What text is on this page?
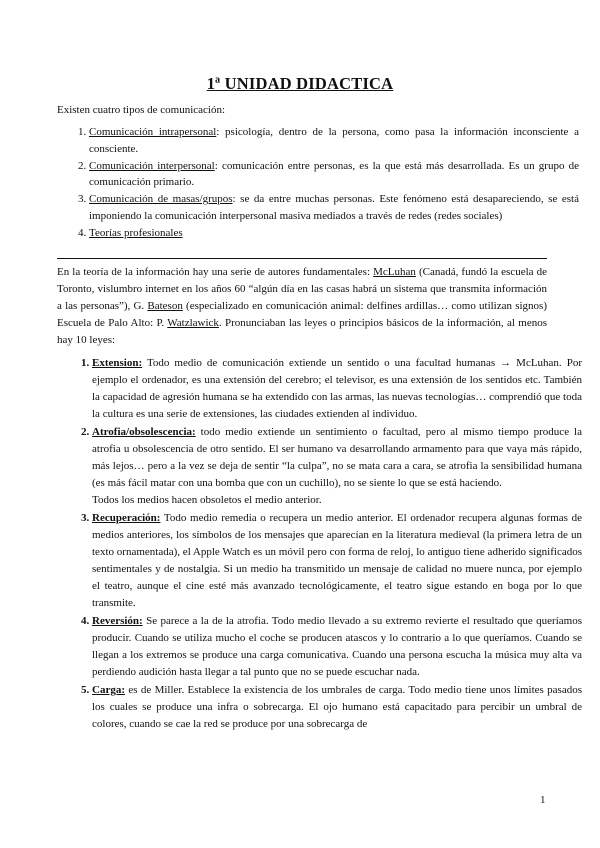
1ª UNIDAD DIDACTICA
Existen cuatro tipos de comunicación:
1. Comunicación intrapersonal: psicología, dentro de la persona, como pasa la información inconsciente a consciente.
2. Comunicación interpersonal: comunicación entre personas, es la que está más desarrollada. Es un grupo de comunicación primario.
3. Comunicación de masas/grupos: se da entre muchas personas. Este fenómeno está desapareciendo, se está imponiendo la comunicación interpersonal masiva mediados a través de redes (redes sociales)
4. Teorías profesionales
En la teoría de la información hay una serie de autores fundamentales: McLuhan (Canadá, fundó la escuela de Toronto, vislumbro internet en los años 60 “algún día en las casas habrá un sistema que transmita información a las personas”), G. Bateson (especializado en comunicación animal: delfines ardillas… como utilizan signos) Escuela de Palo Alto: P. Watzlawick. Pronunciaban las leyes o principios básicos de la información, al menos hay 10 leyes:
1. Extension: Todo medio de comunicación extiende un sentido o una facultad humanas → McLuhan. Por ejemplo el ordenador, es una extensión del cerebro; el televisor, es una extensión de los sentidos etc. También la capacidad de agresión humana se ha extendido con las armas, las nuevas tecnologías… comprendió que toda la cultura es una serie de extensiones, las ciudades extienden al individuo.
2. Atrofia/obsolescencia: todo medio extiende un sentimiento o facultad, pero al mismo tiempo produce la atrofia u obsolescencia de otro sentido. El ser humano va desarrollando armamento para que vaya más rápido, más lejos… pero a la vez se deja de sentir “la culpa”, no se mata cara a cara, se atrofia la sensibilidad humana (es más fácil matar con una bomba que con un cuchillo), no se siente lo que se está haciendo.
Todos los medios hacen obsoletos el medio anterior.
3. Recuperación: Todo medio remedia o recupera un medio anterior. El ordenador recupera algunas formas de medios anteriores, los símbolos de los mensajes que aparecían en la literatura medieval (la primera letra de un texto ornamentada), el Apple Watch es un móvil pero con forma de reloj, lo antiguo tiene adherido significados sentimentales y de nostalgia. Si un medio ha transmitido un mensaje de calidad no muere nunca, por ejemplo el teatro, aunque el cine esté más avanzado tecnológicamente, el teatro sigue estando en boga por lo que transmite.
4. Reversión: Se parece a la de la atrofia. Todo medio llevado a su extremo revierte el resultado que queríamos producir. Cuando se utiliza mucho el coche se producen atascos y lo contrario a lo que queríamos. Cuando se llegan a los extremos se produce una carga comunicativa. Cuando una persona escucha la música muy alta va perdiendo audición hasta llegar a tal punto que no se puede escuchar nada.
5. Carga: es de Miller. Establece la existencia de los umbrales de carga. Todo medio tiene unos límites pasados los cuales se produce una infra o sobrecarga. El ojo humano está capacitado para percibir un umbral de colores, cuando se cae la red se produce por una sobrecarga de
1
